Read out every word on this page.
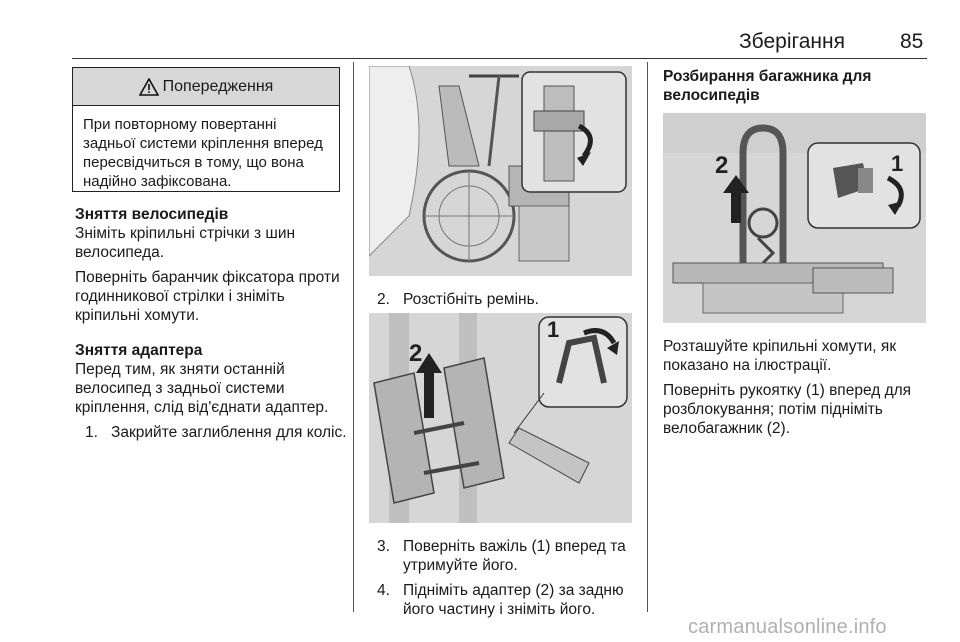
Зберігання	85
Попередження
При повторному повертанні задньої системи кріплення вперед пересвідчиться в тому, що вона надійно зафіксована.

Зняття велосипедів

Зніміть кріпильні стрічки з шин велосипеда.

Поверніть баранчик фіксатора проти годинникової стрілки і зніміть кріпильні хомути.

Зняття адаптера

Перед тим, як зняти останній велосипед з задньої системи кріплення, слід від'єднати адаптер.

1. Закрийте заглиблення для коліс.
2. Розстібніть ремінь.
2
1
3. Поверніть важіль (1) вперед та утримуйте його.
4. Підніміть адаптер (2) за задню його частину і зніміть його.

Розбирання багажника для велосипедів

2	1

Розташуйте кріпильні хомути, як показано на ілюстрації.

Поверніть рукоятку (1) вперед для розблокування; потім підніміть велобагажник (2).

carmanualsonline.info
